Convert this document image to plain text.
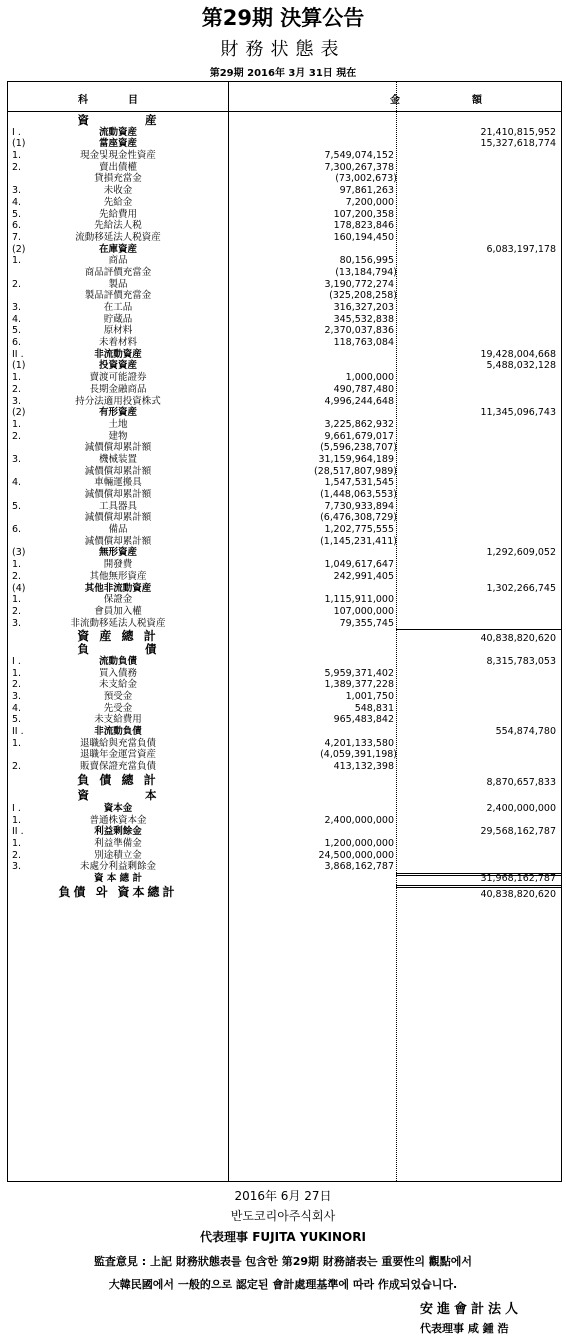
第29期 決算公告
財務状態表
第29期 2016年 3月 31日 現在
科目	金	額
資　　　　産
I .	流動資産	21,410,815,952
(1)	當座資産	15,327,618,774
1.	現金및現金性資産	7,549,074,152
2.	賣出債權	7,300,267,378
貸損充當金	(73,002,673)
3.	未收金	97,861,263
4.	先給金	7,200,000
5.	先給費用	107,200,358
6.	先給法人税	178,823,846
7.	流動移延法人税資産	160,194,450
(2)	在庫資産	6,083,197,178
1.	商品	80,156,995
商品評價充當金	(13,184,794)
2.	製品	3,190,772,274
製品評價充當金	(325,208,258)
3.	在工品	316,327,203
4.	貯蔵品	345,532,838
5.	原材料	2,370,037,836
6.	未着材料	118,763,084
II .	非流動資産	19,428,004,668
(1)	投資資産	5,488,032,128
1.	賣渡可能證券	1,000,000
2.	長期金融商品	490,787,480
3.	持分法適用投資株式	4,996,244,648
(2)	有形資産	11,345,096,743
1.	土地	3,225,862,932
2.	建物	9,661,679,017
減價償却累計額	(5,596,238,707)
3.	機械装置	31,159,964,189
減價償却累計額	(28,517,807,989)
4.	車輛運搬具	1,547,531,545
減價償却累計額	(1,448,063,553)
5.	工具器具	7,730,933,894
減價償却累計額	(6,476,308,729)
6.	備品	1,202,775,555
減價償却累計額	(1,145,231,411)
(3)	無形資産	1,292,609,052
1.	開發費	1,049,617,647
2.	其他無形資産	242,991,405
(4)	其他非流動資産	1,302,266,745
1.	保證金	1,115,911,000
2.	會員加入權	107,000,000
3.	非流動移延法人税資産	79,355,745
資 産 總 計	40,838,820,620
負　　　　債
I .	流動負債	8,315,783,053
1.	買入債務	5,959,371,402
2.	未支給金	1,389,377,228
3.	預受金	1,001,750
4.	先受金	548,831
5.	未支給費用	965,483,842
II .	非流動負債	554,874,780
1.	退職給與充當負債	4,201,133,580
退職年金運営資産	(4,059,391,198)
2.	販賣保證充當負債	413,132,398
負 債 總 計	8,870,657,833
資　　　　本
I .	資本金	2,400,000,000
1.	普通株資本金	2,400,000,000
II .	利益剰餘金	29,568,162,787
1.	利益準備金	1,200,000,000
2.	別途積立金	24,500,000,000
3.	未處分利益剰餘金	3,868,162,787
資 本 總 計	31,968,162,787
負債 와 資本總計	40,838,820,620
2016年 6月 27日
반도코리아주식회사
代表理事 FUJITA YUKINORI
監査意見 : 上記 財務狀態表를 包含한 第29期 財務諸表는 重要性의 觀點에서
大韓民國에서 一般的으로 認定된 會計處理基準에 따라 作成되었습니다.
安進會計法人
代表理事 咸 鍾 浩
